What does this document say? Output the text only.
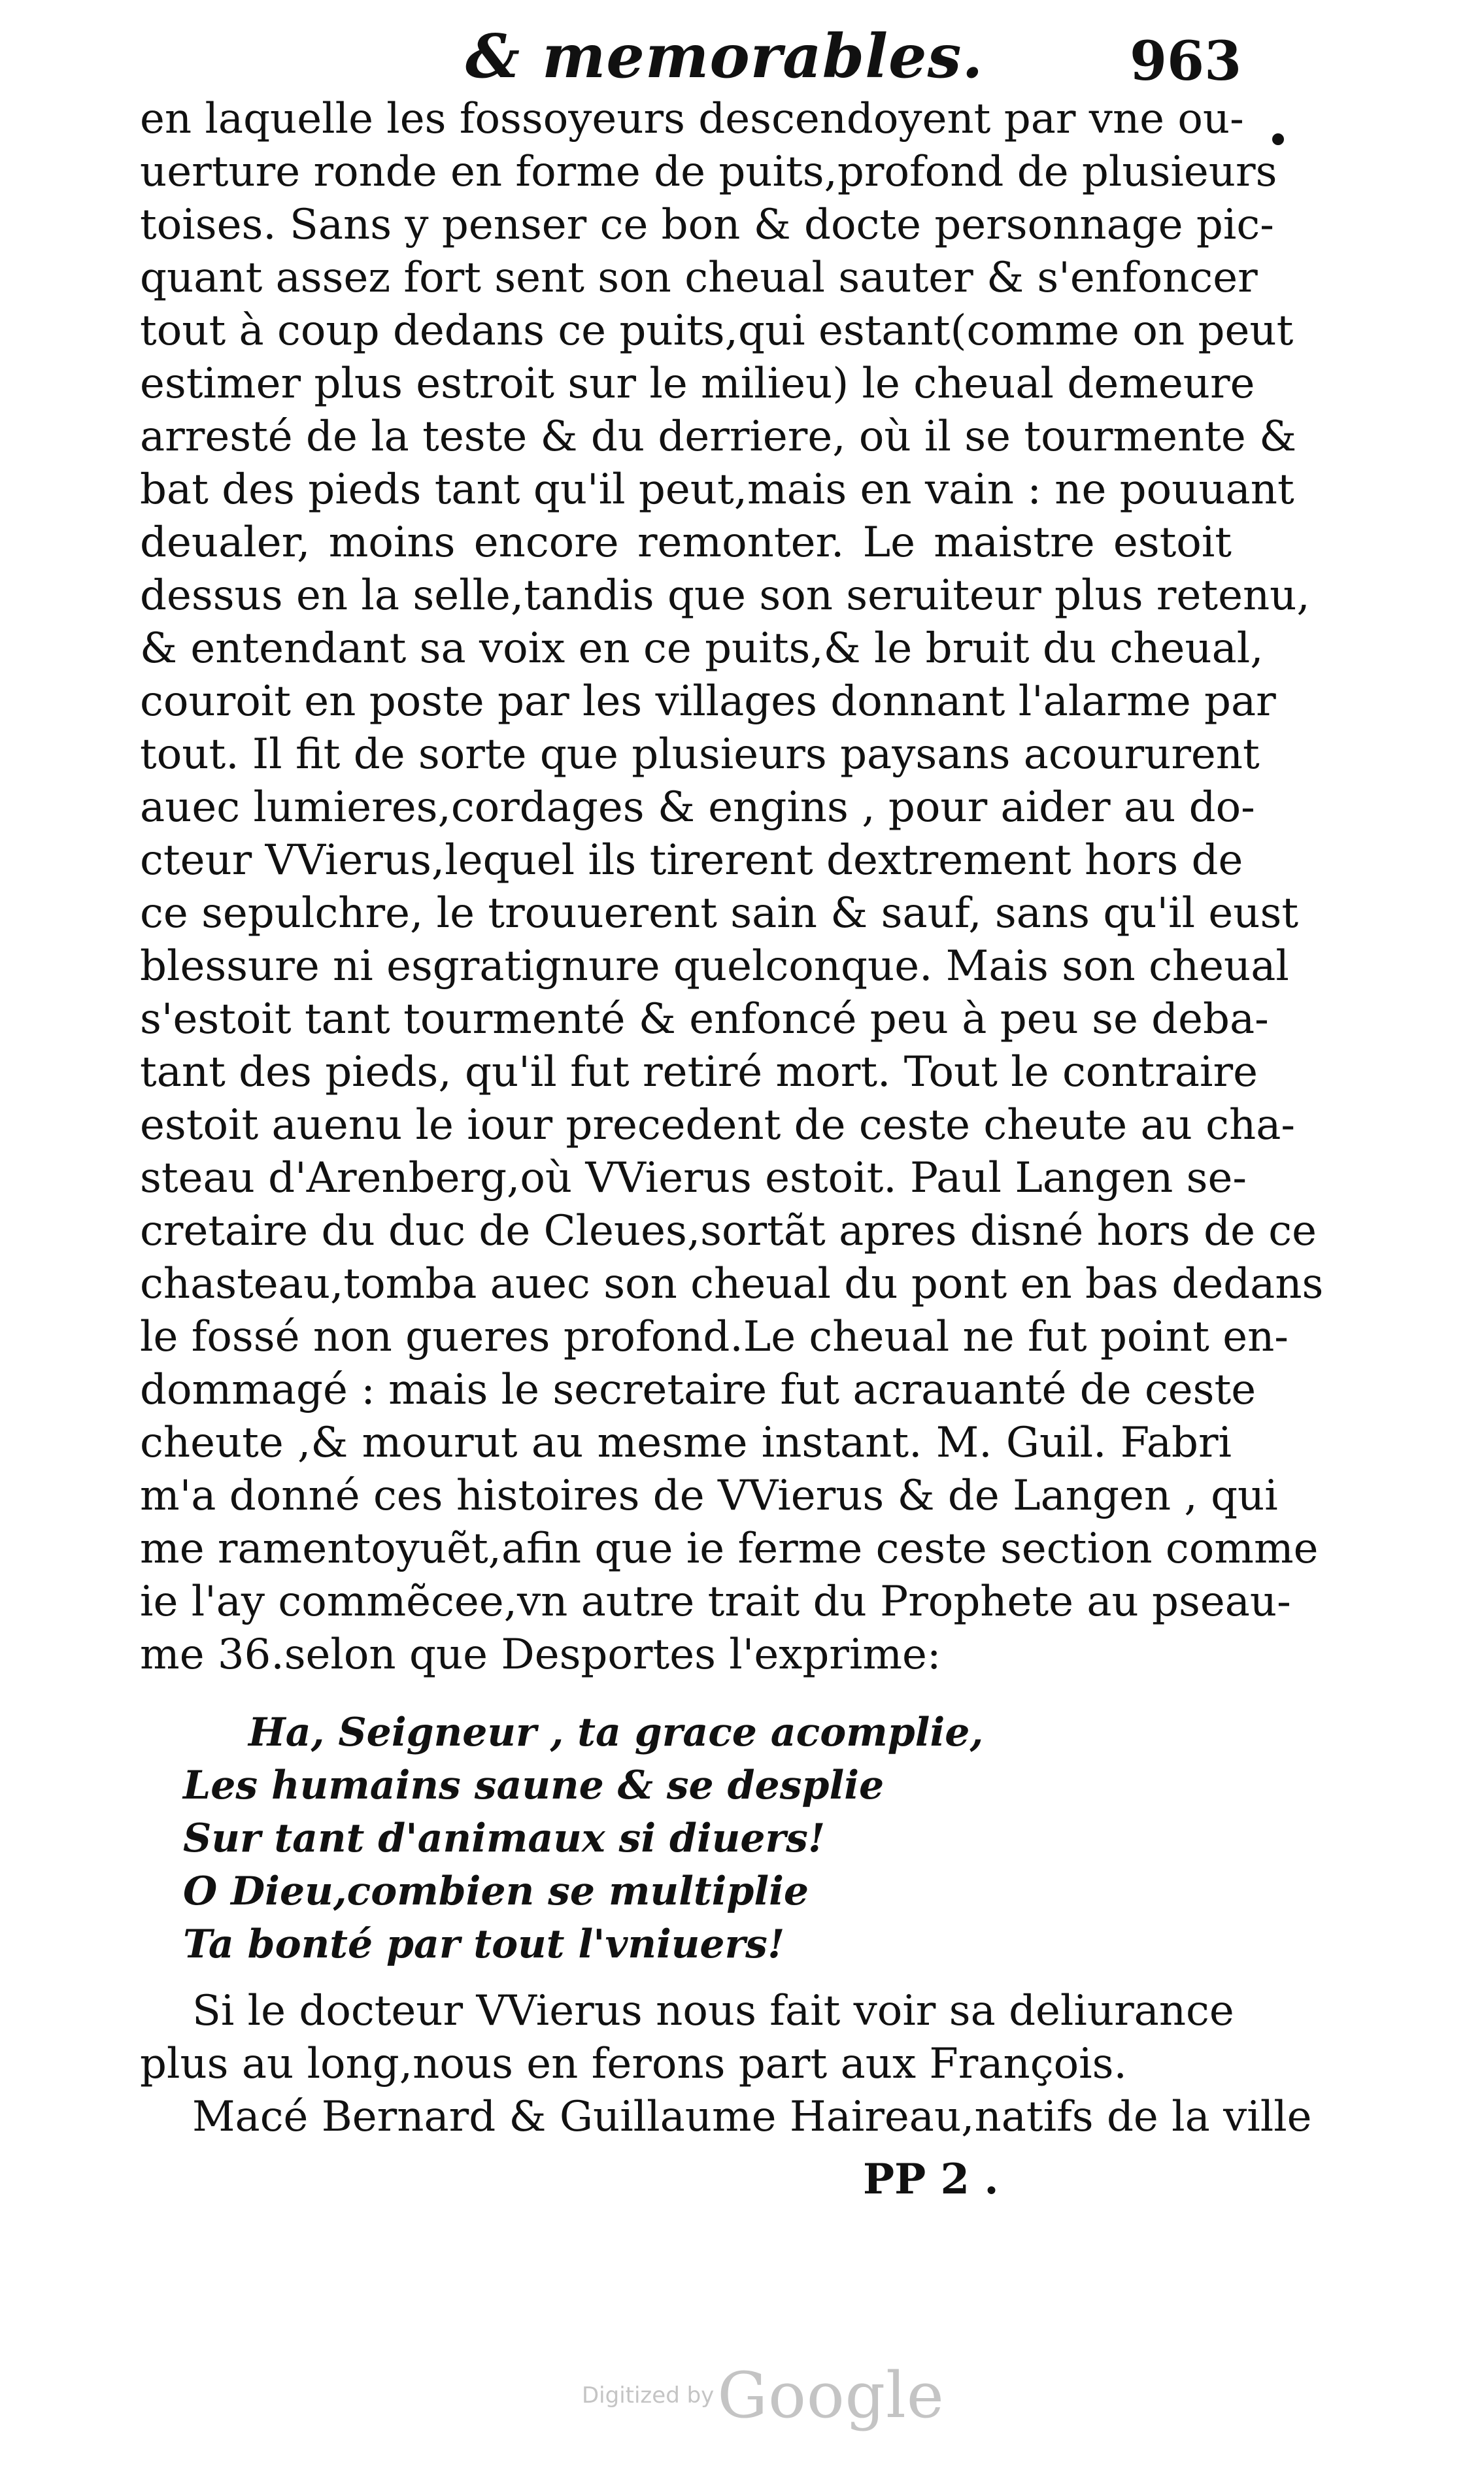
& memorables.	963
en laquelle les fossoyeurs descendoyent par vne ou-
uerture ronde en forme de puits,profond de plusieurs
toises. Sans y penser ce bon & docte personnage pic-
quant assez fort sent son cheual sauter & s'enfoncer
tout à coup dedans ce puits,qui estant(comme on peut
estimer plus estroit sur le milieu) le cheual demeure
arresté de la teste & du derriere, où il se tourmente &
bat des pieds tant qu'il peut,mais en vain : ne pouuant
deualer, moins encore remonter. Le maistre estoit
dessus en la selle,tandis que son seruiteur plus retenu,
& entendant sa voix en ce puits,& le bruit du cheual,
couroit en poste par les villages donnant l'alarme par
tout. Il fit de sorte que plusieurs paysans acoururent
auec lumieres,cordages & engins , pour aider au do-
cteur VVierus,lequel ils tirerent dextrement hors de
ce sepulchre, le trouuerent sain & sauf, sans qu'il eust
blessure ni esgratignure quelconque. Mais son cheual
s'estoit tant tourmenté & enfoncé peu à peu se deba-
tant des pieds, qu'il fut retiré mort. Tout le contraire
estoit auenu le iour precedent de ceste cheute au cha-
steau d'Arenberg,où VVierus estoit. Paul Langen se-
cretaire du duc de Cleues,sortãt apres disné hors de ce
chasteau,tomba auec son cheual du pont en bas dedans
le fossé non gueres profond.Le cheual ne fut point en-
dommagé : mais le secretaire fut acrauanté de ceste
cheute ,& mourut au mesme instant. M. Guil. Fabri
m'a donné ces histoires de VVierus & de Langen , qui
me ramentoyuẽt,afin que ie ferme ceste section comme
ie l'ay commẽcee,vn autre trait du Prophete au pseau-
me 36.selon que Desportes l'exprime:
Ha, Seigneur , ta grace acomplie,
Les humains saune & se desplie
Sur tant d'animaux si diuers!
O Dieu,combien se multiplie
Ta bonté par tout l'vniuers!
Si le docteur VVierus nous fait voir sa deliurance
plus au long,nous en ferons part aux François.
Macé Bernard & Guillaume Haireau,natifs de la ville
PP 2 .
Digitized by Google
